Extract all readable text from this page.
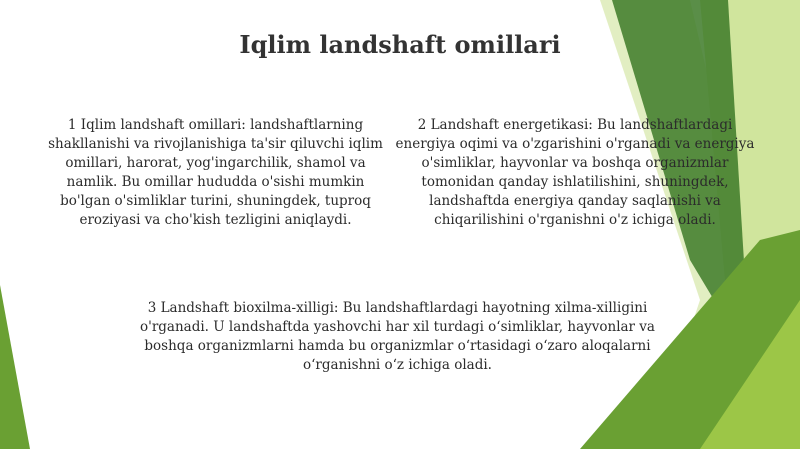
Iqlim landshaft omillari

1 Iqlim landshaft omillari: landshaftlarning shakllanishi va rivojlanishiga ta'sir qiluvchi iqlim omillari, harorat, yog'ingarchilik, shamol va namlik. Bu omillar hududda o'sishi mumkin bo'lgan o'simliklar turini, shuningdek, tuproq eroziyasi va cho'kish tezligini aniqlaydi.

2 Landshaft energetikasi: Bu landshaftlardagi energiya oqimi va o'zgarishini o'rganadi va energiya o'simliklar, hayvonlar va boshqa organizmlar tomonidan qanday ishlatilishini, shuningdek, landshaftda energiya qanday saqlanishi va chiqarilishini o'rganishni o'z ichiga oladi.

3 Landshaft bioxilma-xilligi: Bu landshaftlardagi hayotning xilma-xilligini o'rganadi. U landshaftda yashovchi har xil turdagi o‘simliklar, hayvonlar va boshqa organizmlarni hamda bu organizmlar o‘rtasidagi o‘zaro aloqalarni o‘rganishni o‘z ichiga oladi.
